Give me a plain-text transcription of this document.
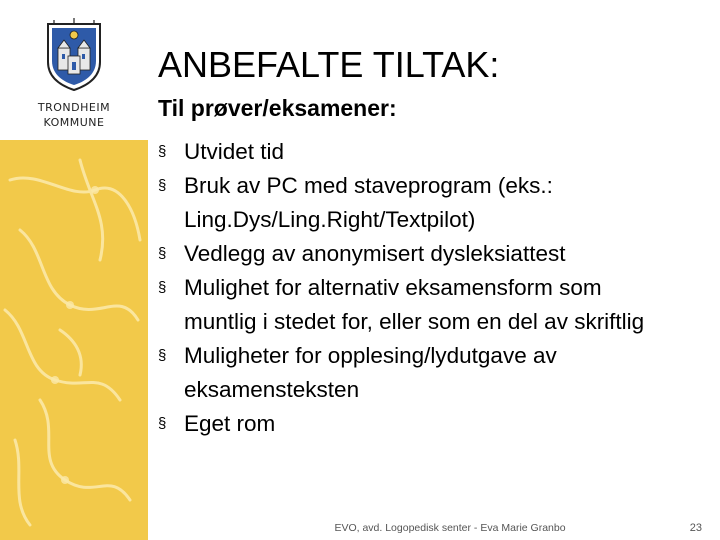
TRONDHEIM
KOMMUNE
ANBEFALTE TILTAK:
Til prøver/eksamener:
§ Utvidet tid
§ Bruk av PC med staveprogram (eks.: Ling.Dys/Ling.Right/Textpilot)
§ Vedlegg av anonymisert dysleksiattest
§ Mulighet for alternativ eksamensform som muntlig i stedet for, eller som en del av skriftlig
§ Muligheter for opplesing/lydutgave av eksamensteksten
§ Eget rom
EVO, avd. Logopedisk senter - Eva Marie Granbo	23
